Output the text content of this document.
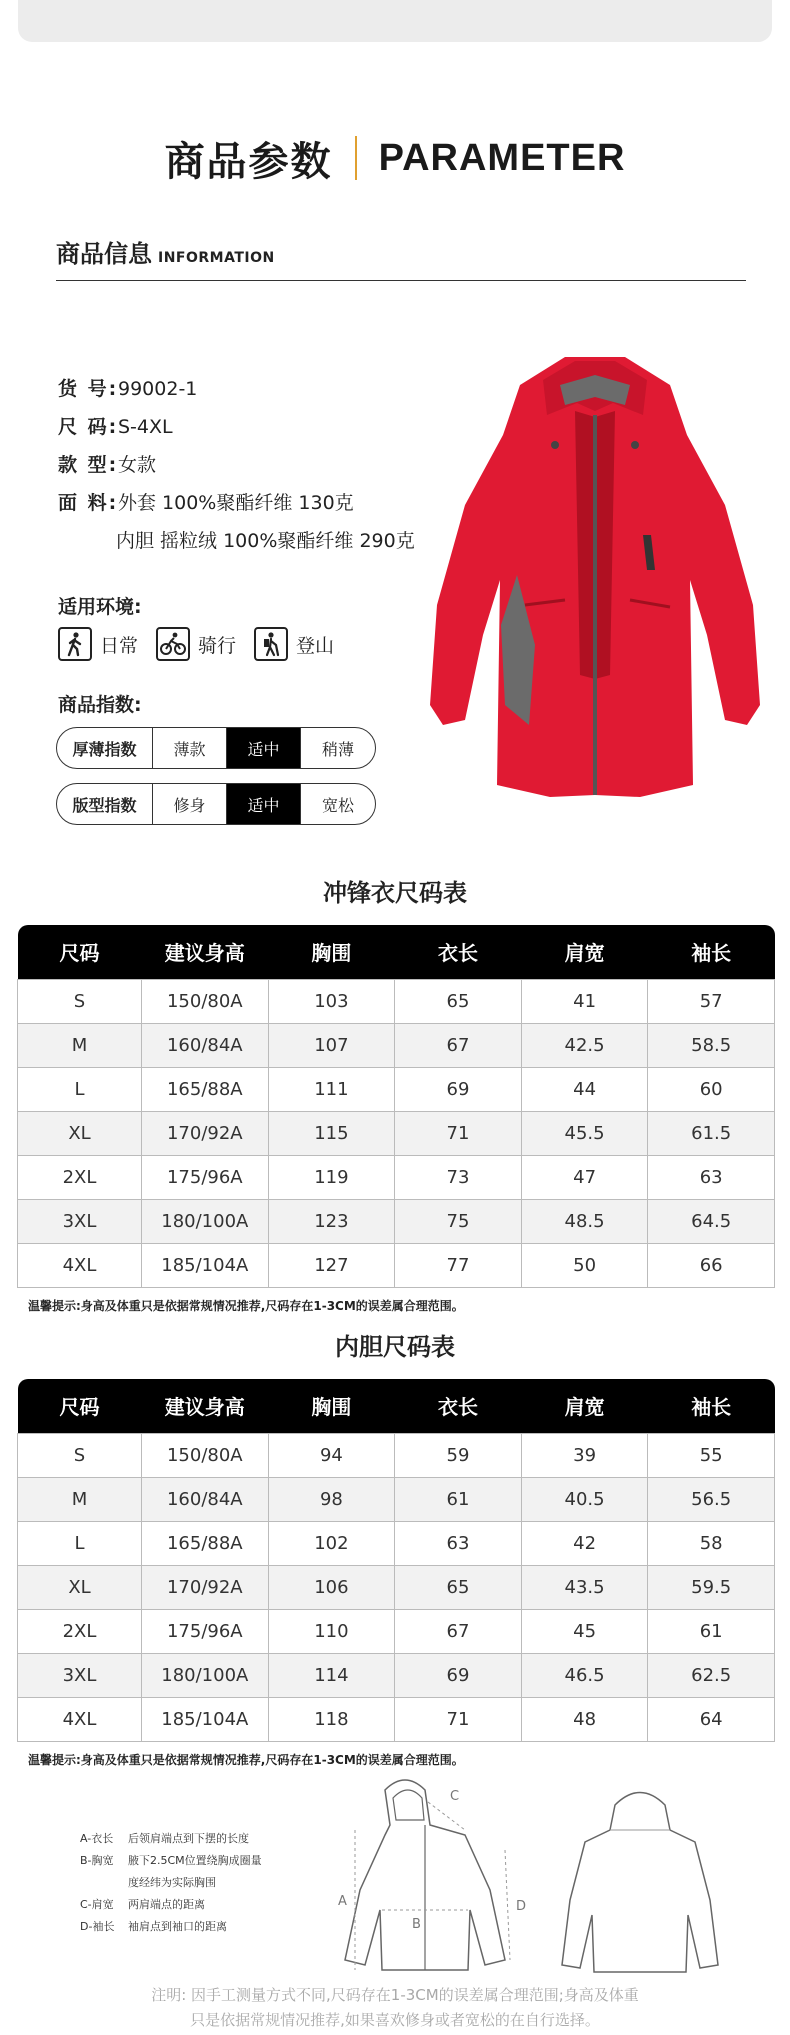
商品参数 PARAMETER
商品信息 INFORMATION
货 号: 99002-1
尺 码: S-4XL
款 型: 女款
面 料: 外套 100%聚酯纤维 130克
内胆 摇粒绒 100%聚酯纤维 290克
适用环境:
日常	骑行	登山
商品指数:
厚薄指数	薄款	适中	稍薄
版型指数	修身	适中	宽松
冲锋衣尺码表
尺码	建议身高	胸围	衣长	肩宽	袖长
S	150/80A	103	65	41	57
M	160/84A	107	67	42.5	58.5
L	165/88A	111	69	44	60
XL	170/92A	115	71	45.5	61.5
2XL	175/96A	119	73	47	63
3XL	180/100A	123	75	48.5	64.5
4XL	185/104A	127	77	50	66
温馨提示:身高及体重只是依据常规情况推荐,尺码存在1-3CM的误差属合理范围。
内胆尺码表
尺码	建议身高	胸围	衣长	肩宽	袖长
S	150/80A	94	59	39	55
M	160/84A	98	61	40.5	56.5
L	165/88A	102	63	42	58
XL	170/92A	106	65	43.5	59.5
2XL	175/96A	110	67	45	61
3XL	180/100A	114	69	46.5	62.5
4XL	185/104A	118	71	48	64
温馨提示:身高及体重只是依据常规情况推荐,尺码存在1-3CM的误差属合理范围。
A-衣长	后领肩端点到下摆的长度
B-胸宽	腋下2.5CM位置绕胸成圈量
度经纬为实际胸围
C-肩宽	两肩端点的距离
D-袖长	袖肩点到袖口的距离
A
B
C
D
注明: 因手工测量方式不同,尺码存在1-3CM的误差属合理范围;身高及体重
只是依据常规情况推荐,如果喜欢修身或者宽松的在自行选择。
